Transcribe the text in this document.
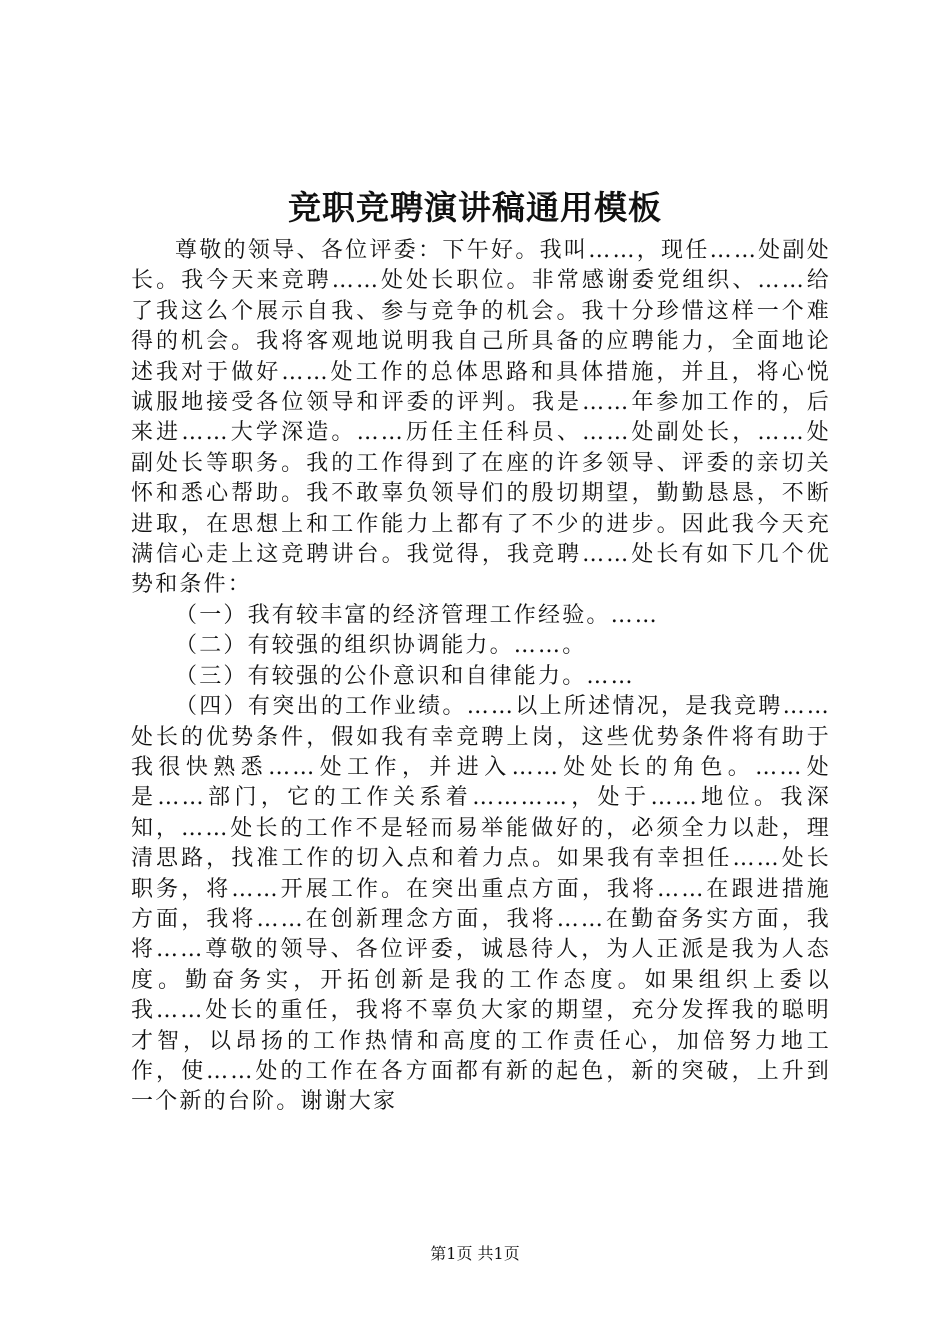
竞职竞聘演讲稿通用模板

尊敬的领导、各位评委：下午好。我叫……，现任……处副处长。我今天来竞聘……处处长职位。非常感谢委党组织、……给了我这么个展示自我、参与竞争的机会。我十分珍惜这样一个难得的机会。我将客观地说明我自己所具备的应聘能力，全面地论述我对于做好……处工作的总体思路和具体措施，并且，将心悦诚服地接受各位领导和评委的评判。我是……年参加工作的，后来进……大学深造。……历任主任科员、……处副处长，……处副处长等职务。我的工作得到了在座的许多领导、评委的亲切关怀和悉心帮助。我不敢辜负领导们的殷切期望，勤勤恳恳，不断进取，在思想上和工作能力上都有了不少的进步。因此我今天充满信心走上这竞聘讲台。我觉得，我竞聘……处长有如下几个优势和条件：

（一）我有较丰富的经济管理工作经验。……

（二）有较强的组织协调能力。……。

（三）有较强的公仆意识和自律能力。……

（四）有突出的工作业绩。……以上所述情况，是我竞聘……处长的优势条件，假如我有幸竞聘上岗，这些优势条件将有助于我很快熟悉……处工作，并进入……处处长的角色。……处是……部门，它的工作关系着…………，处于……地位。我深知，……处长的工作不是轻而易举能做好的，必须全力以赴，理清思路，找准工作的切入点和着力点。如果我有幸担任……处长职务，将……开展工作。在突出重点方面，我将……在跟进措施方面，我将……在创新理念方面，我将……在勤奋务实方面，我将……尊敬的领导、各位评委，诚恳待人，为人正派是我为人态度。勤奋务实，开拓创新是我的工作态度。如果组织上委以我……处长的重任，我将不辜负大家的期望，充分发挥我的聪明才智，以昂扬的工作热情和高度的工作责任心，加倍努力地工作，使……处的工作在各方面都有新的起色，新的突破，上升到一个新的台阶。谢谢大家

第1页 共1页
